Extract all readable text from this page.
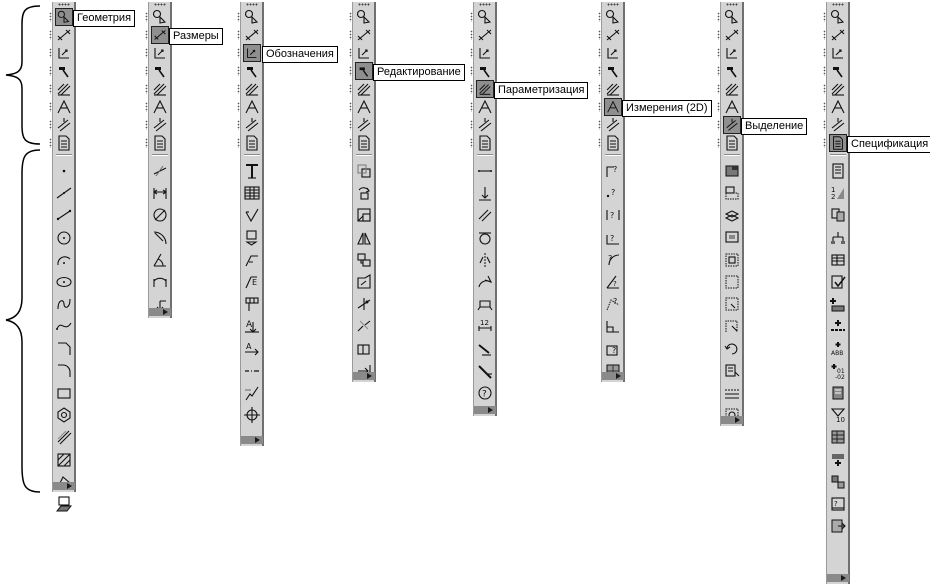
1
2
ABB
01
-02
10
?
?
?
?
?
?
?
?
?
12
?
E
A
A
Геометрия
Размеры
Обозначения
Редактирование
Параметризация
Измерения (2D)
Выделение
Спецификация
